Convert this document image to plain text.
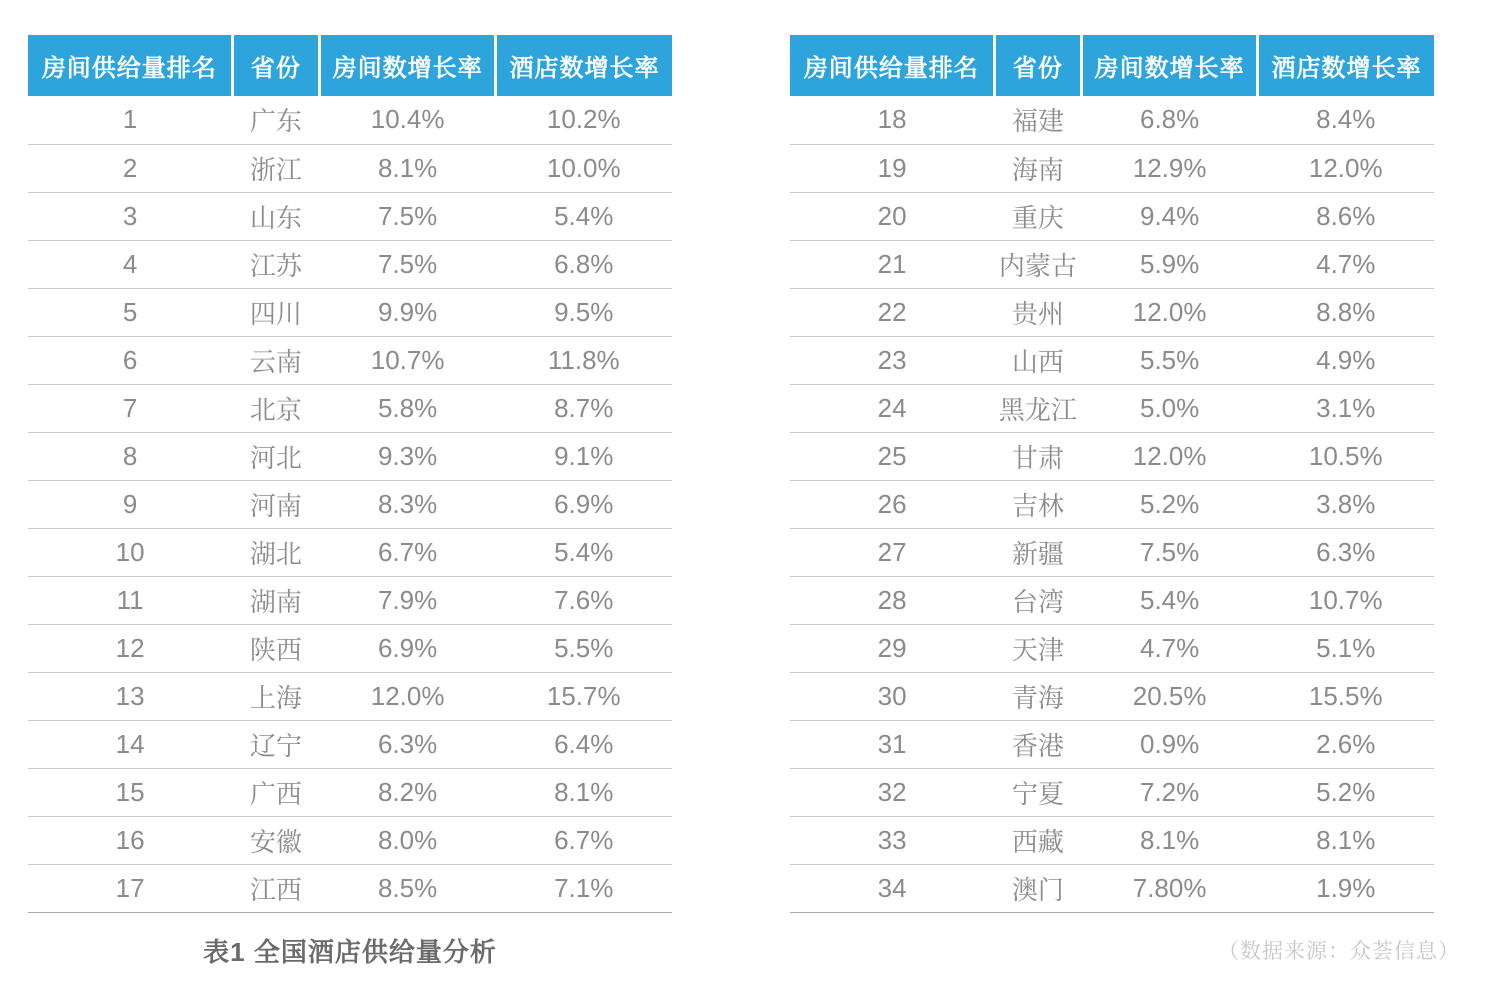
房间供给量排名	省份	房间数增长率	酒店数增长率
1	广东	10.4%	10.2%
2	浙江	8.1%	10.0%
3	山东	7.5%	5.4%
4	江苏	7.5%	6.8%
5	四川	9.9%	9.5%
6	云南	10.7%	11.8%
7	北京	5.8%	8.7%
8	河北	9.3%	9.1%
9	河南	8.3%	6.9%
10	湖北	6.7%	5.4%
11	湖南	7.9%	7.6%
12	陕西	6.9%	5.5%
13	上海	12.0%	15.7%
14	辽宁	6.3%	6.4%
15	广西	8.2%	8.1%
16	安徽	8.0%	6.7%
17	江西	8.5%	7.1%
房间供给量排名	省份	房间数增长率	酒店数增长率
18	福建	6.8%	8.4%
19	海南	12.9%	12.0%
20	重庆	9.4%	8.6%
21	内蒙古	5.9%	4.7%
22	贵州	12.0%	8.8%
23	山西	5.5%	4.9%
24	黑龙江	5.0%	3.1%
25	甘肃	12.0%	10.5%
26	吉林	5.2%	3.8%
27	新疆	7.5%	6.3%
28	台湾	5.4%	10.7%
29	天津	4.7%	5.1%
30	青海	20.5%	15.5%
31	香港	0.9%	2.6%
32	宁夏	7.2%	5.2%
33	西藏	8.1%	8.1%
34	澳门	7.80%	1.9%
表1 全国酒店供给量分析	（数据来源：众荟信息）
